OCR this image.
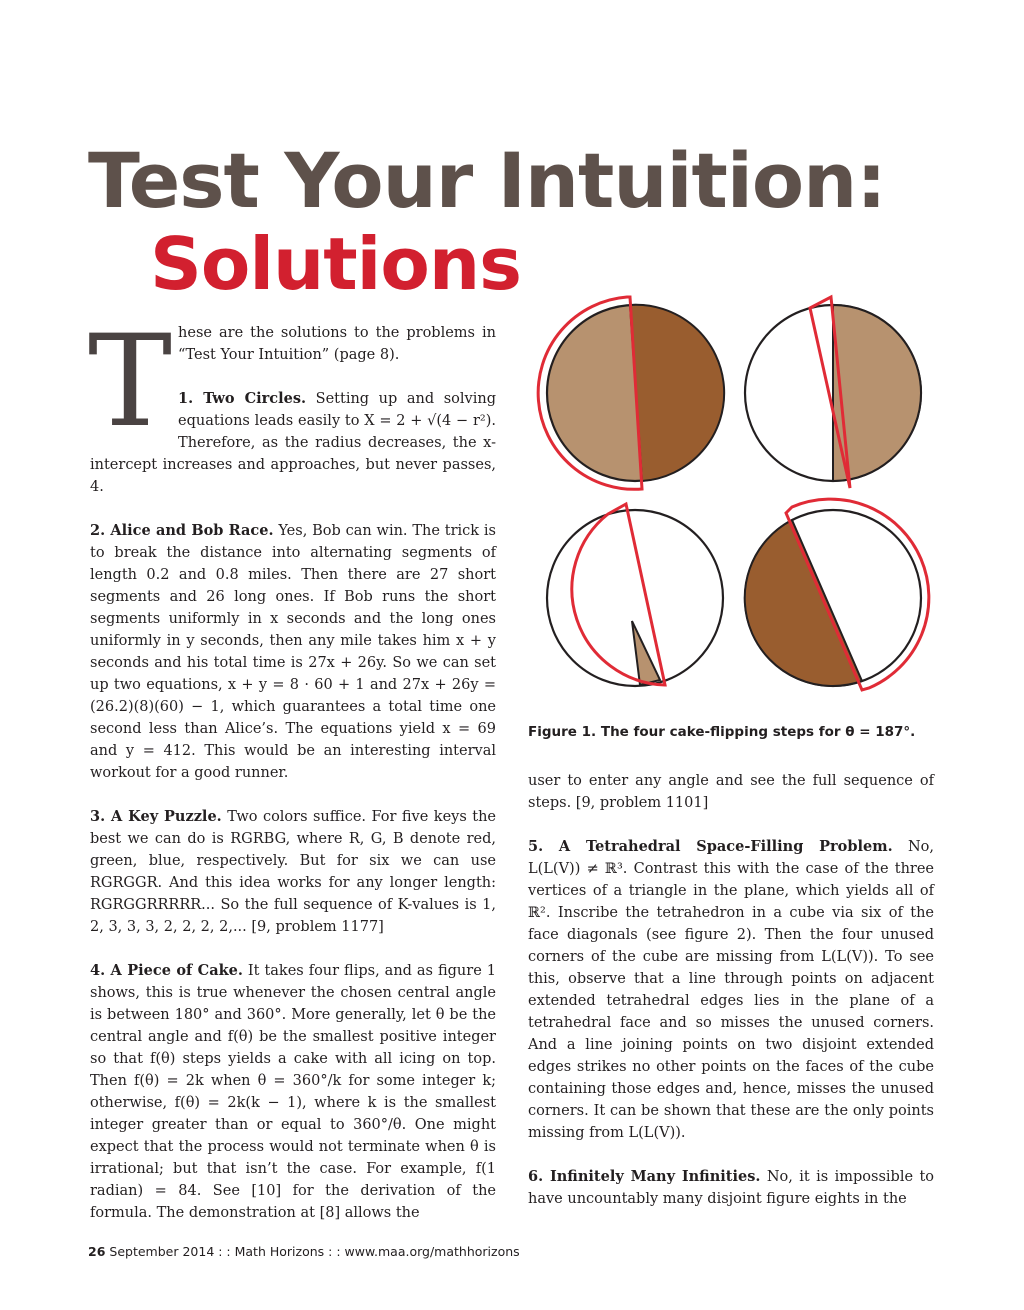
Test Your Intuition:
Solutions

These are the solutions to the problems in “Test Your Intuition” (page 8).

1. Two Circles. Setting up and solving equations leads easily to X = 2 + √(4 − r²). Therefore, as the radius decreases, the x-intercept increases and approaches, but never passes, 4.

2. Alice and Bob Race. Yes, Bob can win. The trick is to break the distance into alternating segments of length 0.2 and 0.8 miles. Then there are 27 short segments and 26 long ones. If Bob runs the short segments uniformly in x seconds and the long ones uniformly in y seconds, then any mile takes him x + y seconds and his total time is 27x + 26y. So we can set up two equations, x + y = 8 · 60 + 1 and 27x + 26y = (26.2)(8)(60) − 1, which guarantees a total time one second less than Alice’s. The equations yield x = 69 and y = 412. This would be an interesting interval workout for a good runner.

3. A Key Puzzle. Two colors suffice. For five keys the best we can do is RGRBG, where R, G, B denote red, green, blue, respectively. But for six we can use RGRGGR. And this idea works for any longer length: RGRGGRRRRR... So the full sequence of K-values is 1, 2, 3, 3, 3, 2, 2, 2, 2,... [9, problem 1177]

4. A Piece of Cake. It takes four flips, and as figure 1 shows, this is true whenever the chosen central angle is between 180° and 360°. More generally, let θ be the central angle and f(θ) be the smallest positive integer so that f(θ) steps yields a cake with all icing on top. Then f(θ) = 2k when θ = 360°/k for some integer k; otherwise, f(θ) = 2k(k − 1), where k is the smallest integer greater than or equal to 360°/θ. One might expect that the process would not terminate when θ is irrational; but that isn’t the case. For example, f(1 radian) = 84. See [10] for the derivation of the formula. The demonstration at [8] allows the

Figure 1. The four cake-flipping steps for θ = 187°.

user to enter any angle and see the full sequence of steps. [9, problem 1101]

5. A Tetrahedral Space-Filling Problem. No, L(L(V)) ≠ ℝ³. Contrast this with the case of the three vertices of a triangle in the plane, which yields all of ℝ². Inscribe the tetrahedron in a cube via six of the face diagonals (see figure 2). Then the four unused corners of the cube are missing from L(L(V)). To see this, observe that a line through points on adjacent extended tetrahedral edges lies in the plane of a tetrahedral face and so misses the unused corners. And a line joining points on two disjoint extended edges strikes no other points on the faces of the cube containing those edges and, hence, misses the unused corners. It can be shown that these are the only points missing from L(L(V)).

6. Infinitely Many Infinities. No, it is impossible to have uncountably many disjoint figure eights in the

26 September 2014 : : Math Horizons : : www.maa.org/mathhorizons
